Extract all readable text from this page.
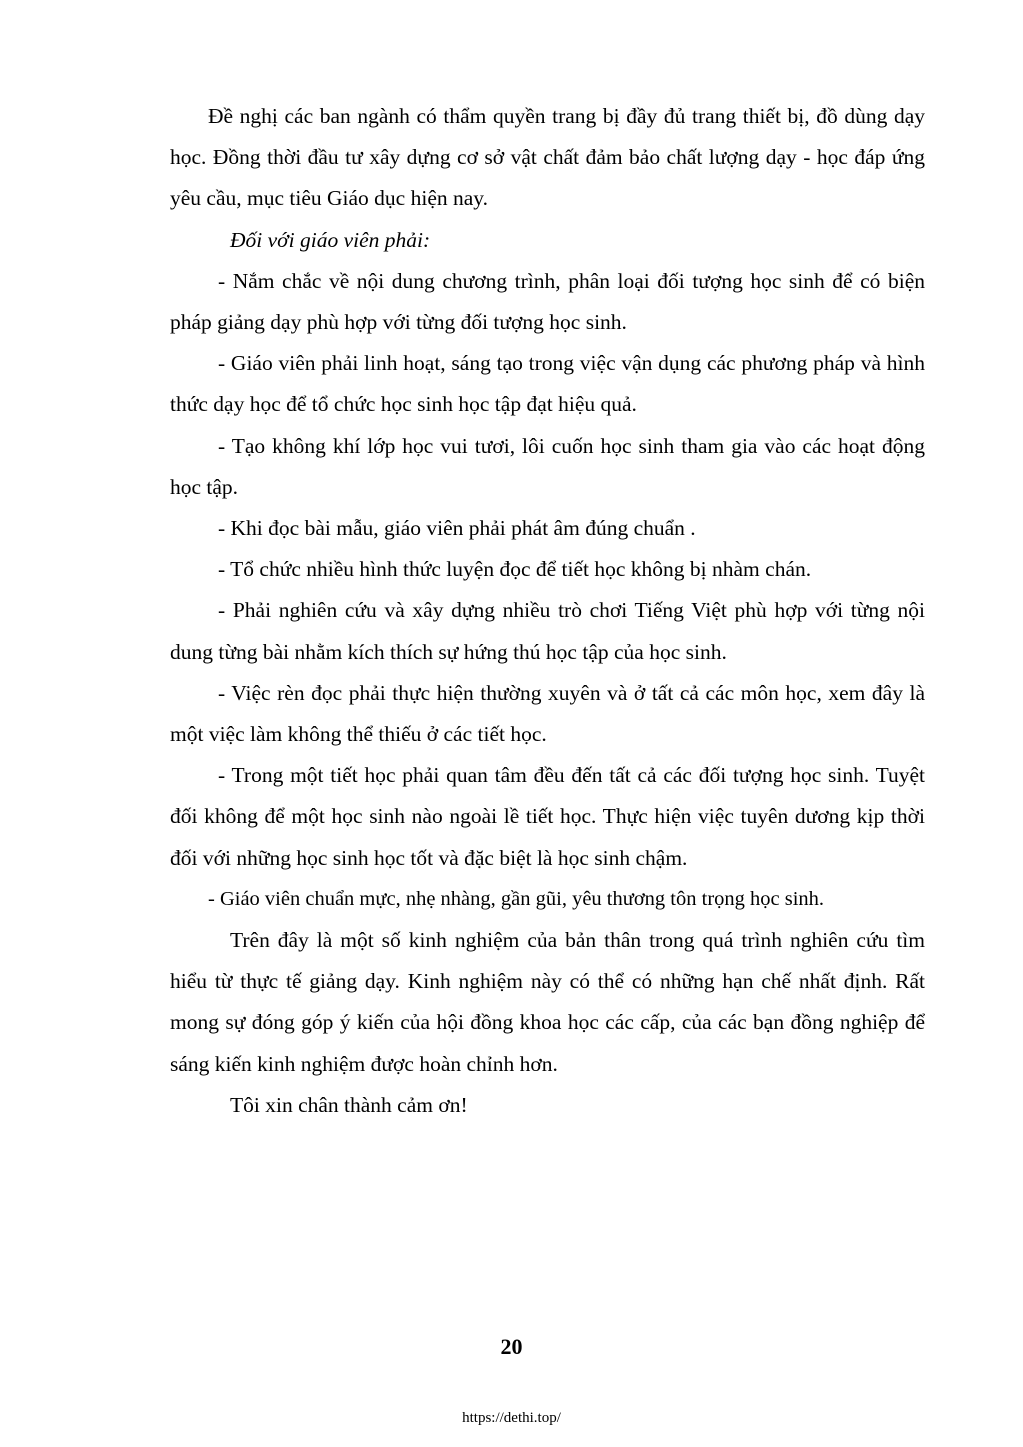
Đề nghị các ban ngành có thẩm quyền trang bị đầy đủ trang thiết bị, đồ dùng dạy học. Đồng thời đầu tư xây dựng cơ sở vật chất đảm bảo chất lượng dạy - học đáp ứng yêu cầu, mục tiêu Giáo dục hiện nay.

Đối với giáo viên phải:

- Nắm chắc về nội dung chương trình, phân loại đối tượng học sinh để có biện pháp giảng dạy phù hợp với từng đối tượng học sinh.

- Giáo viên phải linh hoạt, sáng tạo trong việc vận dụng các phương pháp và hình thức dạy học để tổ chức học sinh học tập đạt hiệu quả.

- Tạo không khí lớp học vui tươi, lôi cuốn học sinh tham gia vào các hoạt động học tập.

- Khi đọc bài mẫu, giáo viên phải phát âm đúng chuẩn .

- Tổ chức nhiều hình thức luyện đọc để tiết học không bị nhàm chán.

- Phải nghiên cứu và xây dựng nhiều trò chơi Tiếng Việt phù hợp với từng nội dung từng bài nhằm kích thích sự hứng thú học tập của học sinh.

- Việc rèn đọc phải thực hiện thường xuyên và ở tất cả các môn học, xem đây là một việc làm không thể thiếu ở các tiết học.

- Trong một tiết học phải quan tâm đều đến tất cả các đối tượng học sinh. Tuyệt đối không để một học sinh nào ngoài lề tiết học. Thực hiện việc tuyên dương kịp thời đối với những học sinh học tốt và đặc biệt là học sinh chậm.

- Giáo viên chuẩn mực, nhẹ nhàng, gần gũi, yêu thương tôn trọng học sinh.

Trên đây là một số kinh nghiệm của bản thân trong quá trình nghiên cứu tìm hiểu từ thực tế giảng dạy. Kinh nghiệm này có thể có những hạn chế nhất định. Rất mong sự đóng góp ý kiến của hội đồng khoa học các cấp, của các bạn đồng nghiệp để sáng kiến kinh nghiệm được hoàn chỉnh hơn.

Tôi xin chân thành cảm ơn!

20
https://dethi.top/
